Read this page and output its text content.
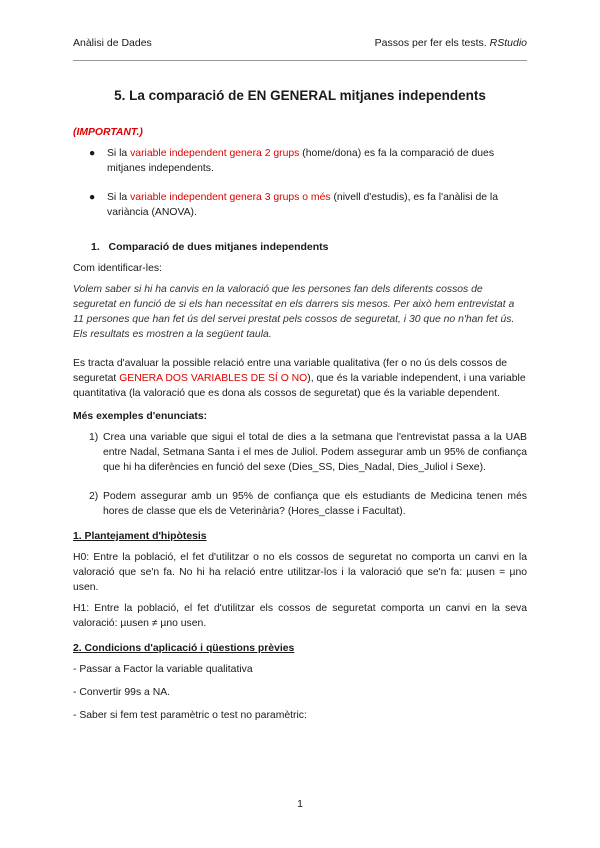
Anàlisi de Dades	Passos per fer els tests. RStudio
5. La comparació de EN GENERAL mitjanes independents
(IMPORTANT.)
● Si la variable independent genera 2 grups (home/dona) es fa la comparació de dues mitjanes independents.
● Si la variable independent genera 3 grups o més (nivell d'estudis), es fa l'anàlisi de la variància (ANOVA).
1. Comparació de dues mitjanes independents

Com identificar-les:

Volem saber si hi ha canvis en la valoració que les persones fan dels diferents cossos de seguretat en funció de si els han necessitat en els darrers sis mesos. Per això hem entrevistat a 11 persones que han fet ús del servei prestat pels cossos de seguretat, i 30 que no n'han fet ús. Els resultats es mostren a la següent taula.

Es tracta d'avaluar la possible relació entre una variable qualitativa (fer o no ús dels cossos de seguretat GENERA DOS VARIABLES DE SÍ O NO), que és la variable independent, i una variable quantitativa (la valoració que es dona als cossos de seguretat) que és la variable dependent.

Més exemples d'enunciats:

1) Crea una variable que sigui el total de dies a la setmana que l'entrevistat passa a la UAB entre Nadal, Setmana Santa i el mes de Juliol. Podem assegurar amb un 95% de confiança que hi ha diferències en funció del sexe (Dies_SS, Dies_Nadal, Dies_Juliol i Sexe).
2) Podem assegurar amb un 95% de confiança que els estudiants de Medicina tenen més hores de classe que els de Veterinària? (Hores_classe i Facultat).

1. Plantejament d'hipòtesis

H0: Entre la població, el fet d'utilitzar o no els cossos de seguretat no comporta un canvi en la valoració que se'n fa. No hi ha relació entre utilitzar-los i la valoració que se'n fa: µusen = µno usen.

H1: Entre la població, el fet d'utilitzar els cossos de seguretat comporta un canvi en la seva valoració: µusen ≠ µno usen.

2. Condicions d'aplicació i qüestions prèvies

- Passar a Factor la variable qualitativa

- Convertir 99s a NA.

- Saber si fem test paramètric o test no paramètric:

1
